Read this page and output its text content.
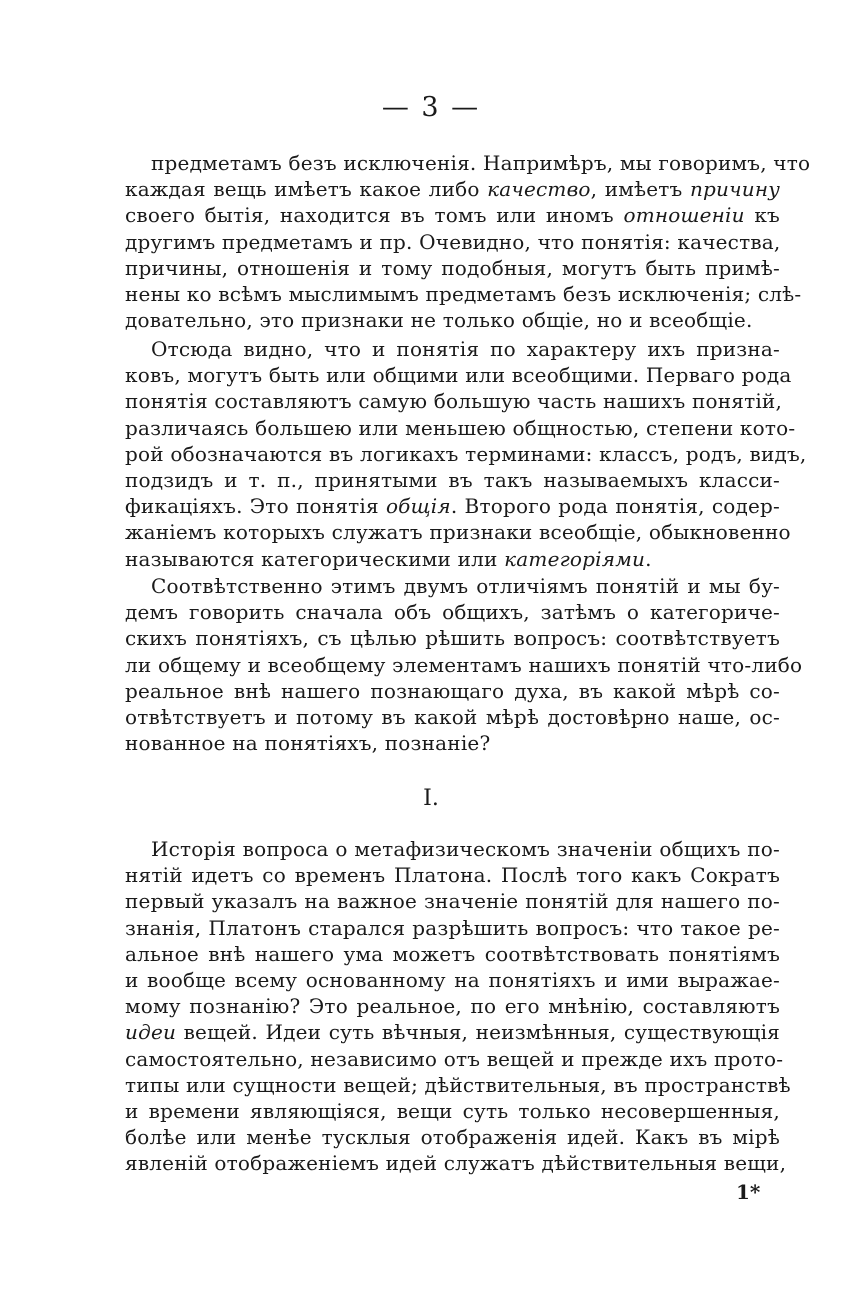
— 3 —
предметамъ безъ исключенія. Напримѣръ, мы говоримъ, что
каждая вещь имѣетъ какое либо качество, имѣетъ причину
своего бытія, находится въ томъ или иномъ отношеніи къ
другимъ предметамъ и пр. Очевидно, что понятія: качества,
причины, отношенія и тому подобныя, могутъ быть примѣ-
нены ко всѣмъ мыслимымъ предметамъ безъ исключенія; слѣ-
довательно, это признаки не только общіе, но и всеобщіе.
Отсюда видно, что и понятія по характеру ихъ призна-
ковъ, могутъ быть или общими или всеобщими. Перваго рода
понятія составляютъ самую большую часть нашихъ понятій,
различаясь большею или меньшею общностью, степени кото-
рой обозначаются въ логикахъ терминами: классъ, родъ, видъ,
подзидъ и т. п., принятыми въ такъ называемыхъ класси-
фикаціяхъ. Это понятія общія. Второго рода понятія, содер-
жаніемъ которыхъ служатъ признаки всеобщіе, обыкновенно
называются категорическими или категоріями.
Соотвѣтственно этимъ двумъ отличіямъ понятій и мы бу-
демъ говорить сначала объ общихъ, затѣмъ о категориче-
скихъ понятіяхъ, съ цѣлью рѣшить вопросъ: соотвѣтствуетъ
ли общему и всеобщему элементамъ нашихъ понятій что-либо
реальное внѣ нашего познающаго духа, въ какой мѣрѣ со-
отвѣтствуетъ и потому въ какой мѣрѣ достовѣрно наше, ос-
нованное на понятіяхъ, познаніе?
I.
Исторія вопроса о метафизическомъ значеніи общихъ по-
нятій идетъ со временъ Платона. Послѣ того какъ Сократъ
первый указалъ на важное значеніе понятій для нашего по-
знанія, Платонъ старался разрѣшить вопросъ: что такое ре-
альное внѣ нашего ума можетъ соотвѣтствовать понятіямъ
и вообще всему основанному на понятіяхъ и ими выражае-
мому познанію? Это реальное, по его мнѣнію, составляютъ
идеи вещей. Идеи суть вѣчныя, неизмѣнныя, существующія
самостоятельно, независимо отъ вещей и прежде ихъ прото-
типы или сущности вещей; дѣйствительныя, въ пространствѣ
и времени являющіяся, вещи суть только несовершенныя,
болѣе или менѣе тусклыя отображенія идей. Какъ въ мірѣ
явленій отображеніемъ идей служатъ дѣйствительныя вещи,
1*
